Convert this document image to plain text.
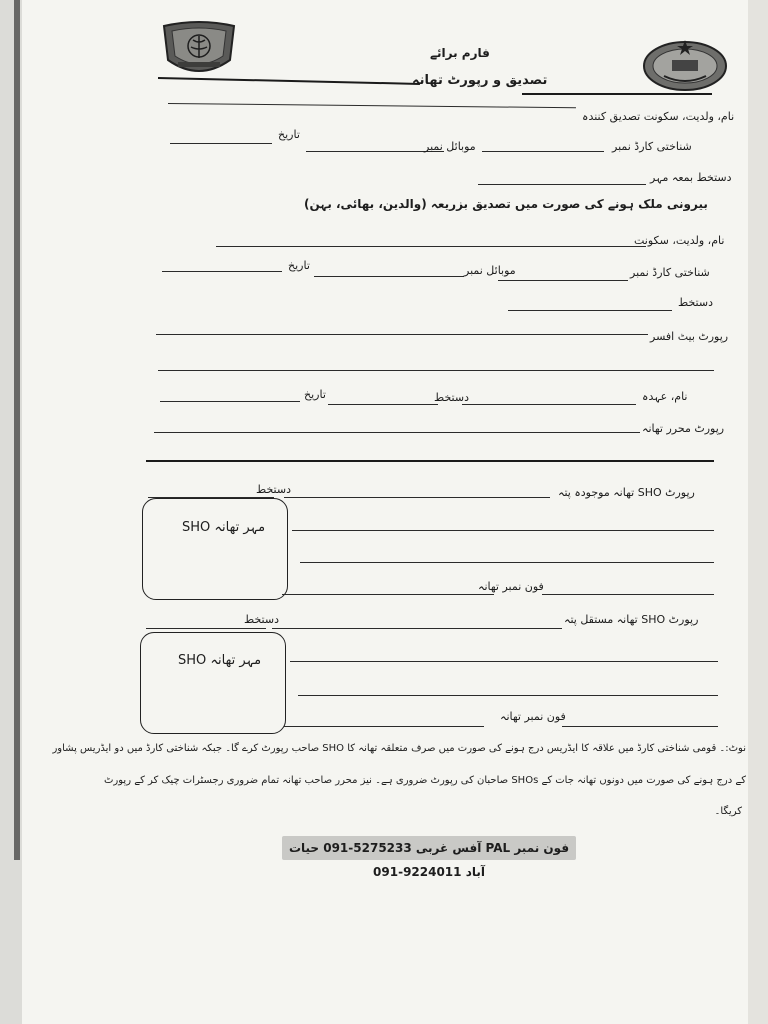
فارم برائے
تصدیق و رپورٹ تھانہ
نام، ولدیت، سکونت تصدیق کنندہ
تاریخ
موبائل نمبر	شناختی کارڈ نمبر
دستخط بمعہ مہر
بیرونی ملک ہونے کی صورت میں تصدیق بزریعہ (والدین، بھائی، بہن)
نام، ولدیت، سکونت
تاریخ	موبائل نمبر	شناختی کارڈ نمبر
دستخط
رپورٹ بیٹ افسر
تاریخ	دستخط	نام، عہدہ
رپورٹ محرر تھانہ
دستخط	رپورٹ SHO تھانہ موجودہ پتہ
مہر تھانہ SHO
فون نمبر تھانہ
دستخط	رپورٹ SHO تھانہ مستقل پتہ
مہر تھانہ SHO
فون نمبر تھانہ
نوٹ:۔ قومی شناختی کارڈ میں علاقہ کا ایڈریس درج ہونے کی صورت میں صرف متعلقہ تھانہ کا SHO صاحب رپورٹ کرے گا۔ جبکہ شناختی کارڈ میں دو ایڈریس پشاور
کے درج ہونے کی صورت میں دونوں تھانہ جات کے SHOs صاحبان کی رپورٹ ضروری ہے۔ نیز محرر صاحب تھانہ تمام ضروری رجسٹرات چیک کر کے رپورٹ
کریگا۔
فون نمبر PAL آفس غربی 5275233-091 حیات آباد 9224011-091
